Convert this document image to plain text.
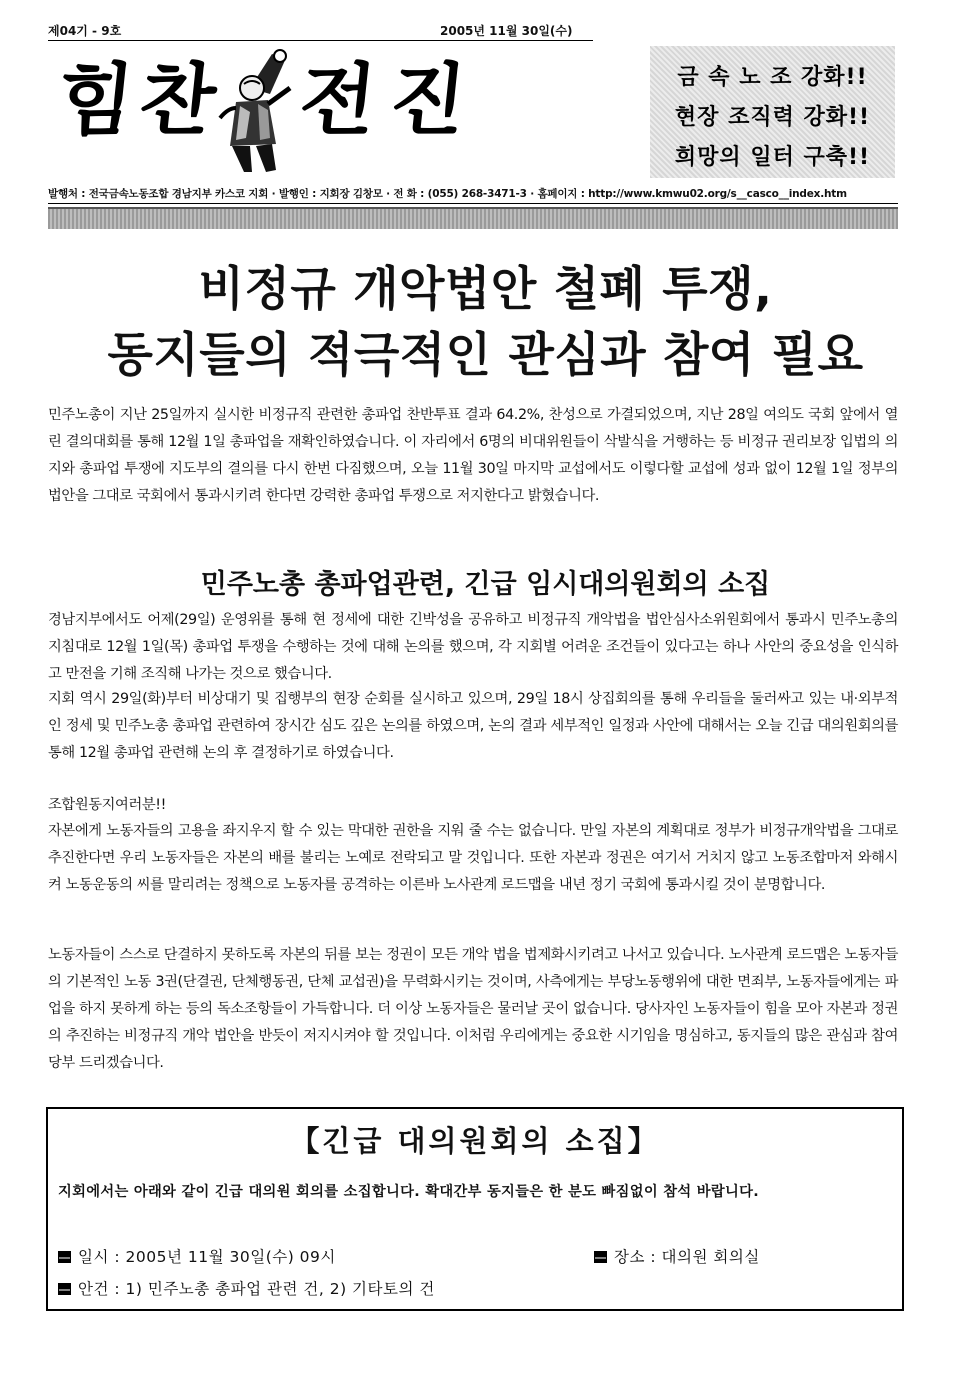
제04기 - 9호	2005년 11월 30일(수)
힘 찬 전 진	금 속 노 조 강화!!
현장 조직력 강화!!
희망의 일터 구축!!
발행처 : 전국금속노동조합 경남지부 카스코 지회 · 발행인 : 지회장 김창모 · 전 화 : (055) 268-3471-3 · 홈페이지 : http://www.kmwu02.org/s__casco__index.htm
비정규 개악법안 철폐 투쟁,
동지들의 적극적인 관심과 참여 필요
민주노총이 지난 25일까지 실시한 비정규직 관련한 총파업 찬반투표 결과 64.2%, 찬성으로 가결되었으며, 지난 28일 여의도 국회 앞에서 열린 결의대회를 통해 12월 1일 총파업을 재확인하였습니다. 이 자리에서 6명의 비대위원들이 삭발식을 거행하는 등 비정규 권리보장 입법의 의지와 총파업 투쟁에 지도부의 결의를 다시 한번 다짐했으며, 오늘 11월 30일 마지막 교섭에서도 이렇다할 교섭에 성과 없이 12월 1일 정부의 법안을 그대로 국회에서 통과시키려 한다면 강력한 총파업 투쟁으로 저지한다고 밝혔습니다.
민주노총 총파업관련, 긴급 임시대의원회의 소집
경남지부에서도 어제(29일) 운영위를 통해 현 정세에 대한 긴박성을 공유하고 비정규직 개악법을 법안심사소위원회에서 통과시 민주노총의 지침대로 12월 1일(목) 총파업 투쟁을 수행하는 것에 대해 논의를 했으며, 각 지회별 어려운 조건들이 있다고는 하나 사안의 중요성을 인식하고 만전을 기해 조직해 나가는 것으로 했습니다.
지회 역시 29일(화)부터 비상대기 및 집행부의 현장 순회를 실시하고 있으며, 29일 18시 상집회의를 통해 우리들을 둘러싸고 있는 내·외부적인 정세 및 민주노총 총파업 관련하여 장시간 심도 깊은 논의를 하였으며, 논의 결과 세부적인 일정과 사안에 대해서는 오늘 긴급 대의원회의를 통해 12월 총파업 관련해 논의 후 결정하기로 하였습니다.
조합원동지여러분!!
자본에게 노동자들의 고용을 좌지우지 할 수 있는 막대한 권한을 지워 줄 수는 없습니다. 만일 자본의 계획대로 정부가 비정규개악법을 그대로 추진한다면 우리 노동자들은 자본의 배를 불리는 노예로 전락되고 말 것입니다. 또한 자본과 정권은 여기서 거치지 않고 노동조합마저 와해시켜 노동운동의 씨를 말리려는 정책으로 노동자를 공격하는 이른바 노사관계 로드맵을 내년 정기 국회에 통과시킬 것이 분명합니다.
노동자들이 스스로 단결하지 못하도록 자본의 뒤를 보는 정권이 모든 개악 법을 법제화시키려고 나서고 있습니다. 노사관계 로드맵은 노동자들의 기본적인 노동 3권(단결권, 단체행동권, 단체 교섭권)을 무력화시키는 것이며, 사측에게는 부당노동행위에 대한 면죄부, 노동자들에게는 파업을 하지 못하게 하는 등의 독소조항들이 가득합니다. 더 이상 노동자들은 물러날 곳이 없습니다. 당사자인 노동자들이 힘을 모아 자본과 정권의 추진하는 비정규직 개악 법안을 반듯이 저지시켜야 할 것입니다. 이처럼 우리에게는 중요한 시기임을 명심하고, 동지들의 많은 관심과 참여 당부 드리겠습니다.
【긴급 대의원회의 소집】
지회에서는 아래와 같이 긴급 대의원 회의를 소집합니다. 확대간부 동지들은 한 분도 빠짐없이 참석 바랍니다.
일시 : 2005년 11월 30일(수) 09시	장소 : 대의원 회의실
안건 : 1) 민주노총 총파업 관련 건, 2) 기타토의 건
